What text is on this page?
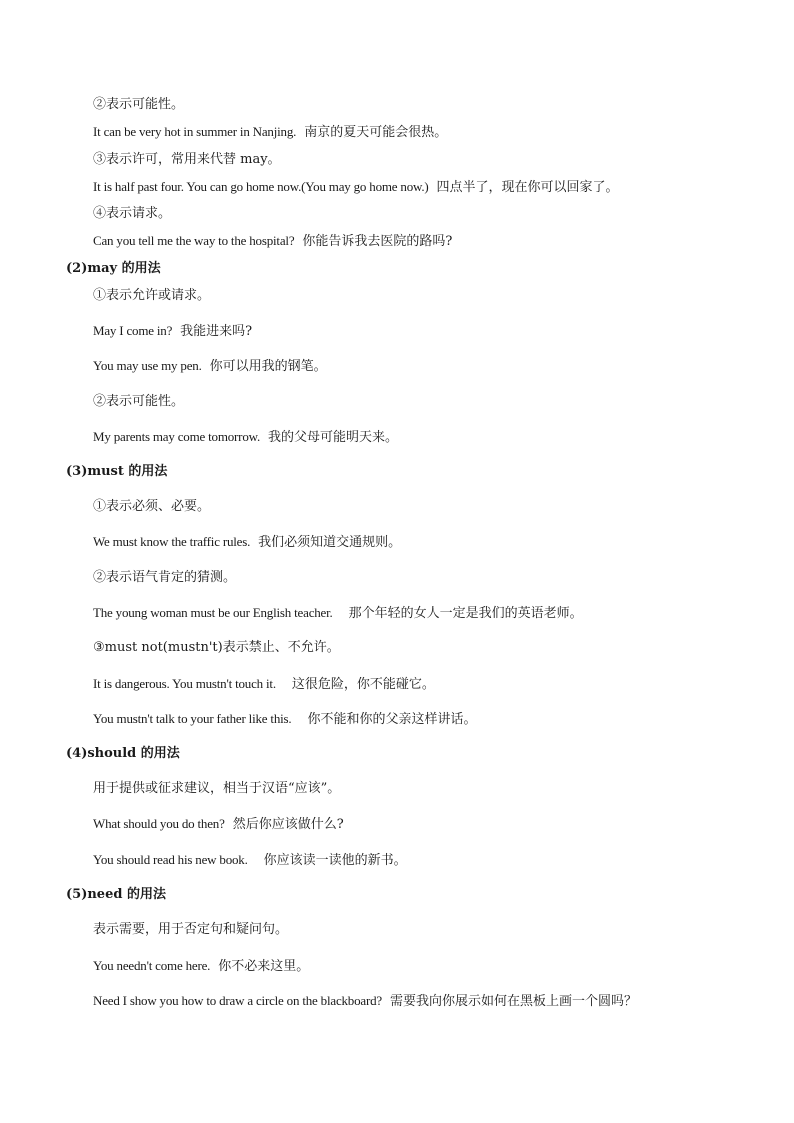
②表示可能性。
It can be very hot in summer in Nanjing. 南京的夏天可能会很热。
③表示许可，常用来代替 may。
It is half past four. You can go home now.(You may go home now.) 四点半了，现在你可以回家了。
④表示请求。
Can you tell me the way to the hospital? 你能告诉我去医院的路吗?
(2)may 的用法
①表示允许或请求。
May I come in? 我能进来吗?
You may use my pen. 你可以用我的钢笔。
②表示可能性。
My parents may come tomorrow. 我的父母可能明天来。
(3)must 的用法
①表示必须、必要。
We must know the traffic rules. 我们必须知道交通规则。
②表示语气肯定的猜测。
The young woman must be our English teacher. 那个年轻的女人一定是我们的英语老师。
③must not(mustn't)表示禁止、不允许。
It is dangerous. You mustn't touch it. 这很危险，你不能碰它。
You mustn't talk to your father like this. 你不能和你的父亲这样讲话。
(4)should 的用法
用于提供或征求建议，相当于汉语“应该”。
What should you do then? 然后你应该做什么?
You should read his new book. 你应该读一读他的新书。
(5)need 的用法
表示需要，用于否定句和疑问句。
You needn't come here. 你不必来这里。
Need I show you how to draw a circle on the blackboard? 需要我向你展示如何在黑板上画一个圆吗？
